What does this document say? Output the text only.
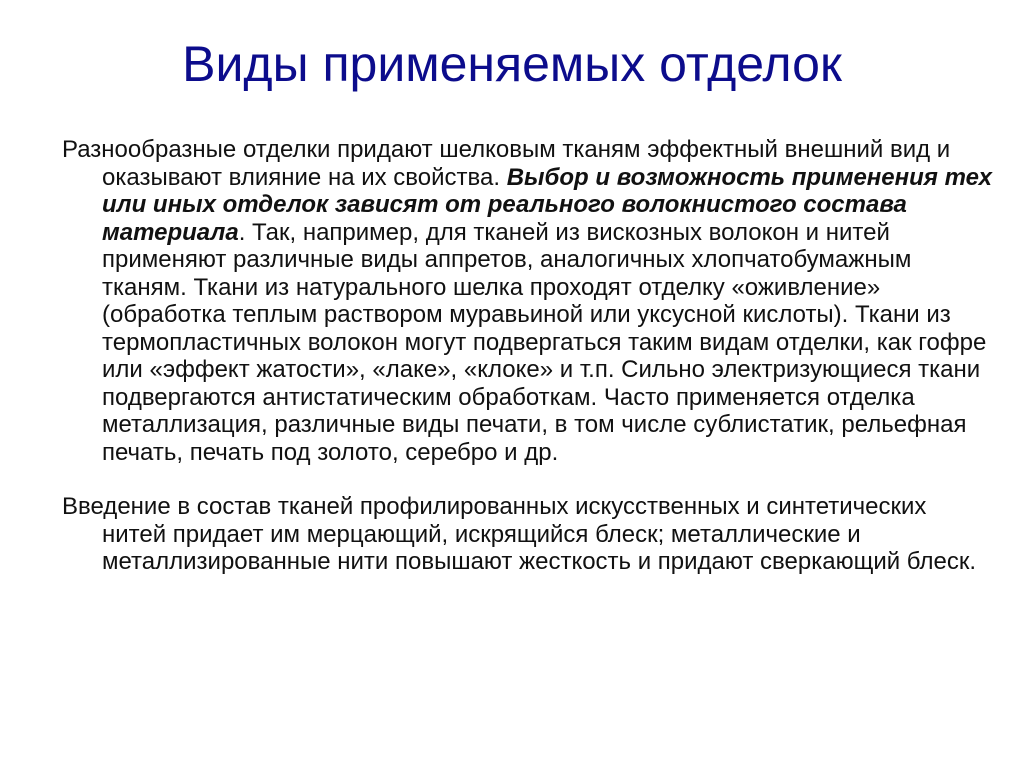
Виды применяемых отделок

Разнообразные отделки придают шелковым тканям эффектный внешний вид и оказывают влияние на их свойства. Выбор и возможность применения тех или иных отделок зависят от реального волокнистого состава материала. Так, например, для тканей из вискозных волокон и нитей применяют различные виды аппретов, аналогичных хлопчатобумажным тканям. Ткани из натурального шелка проходят отделку «оживление» (обработка теплым раствором муравьиной или уксусной кислоты). Ткани из термопластичных волокон могут подвергаться таким видам отделки, как гофре или «эффект жатости», «лаке», «клоке» и т.п. Сильно электризующиеся ткани подвергаются антистатическим обработкам. Часто применяется отделка металлизация, различные виды печати, в том числе сублистатик, рельефная печать, печать под золото, серебро и др.

Введение в состав тканей профилированных искусственных и синтетических нитей придает им мерцающий, искрящийся блеск; металлические и металлизированные нити повышают жесткость и придают сверкающий блеск.
